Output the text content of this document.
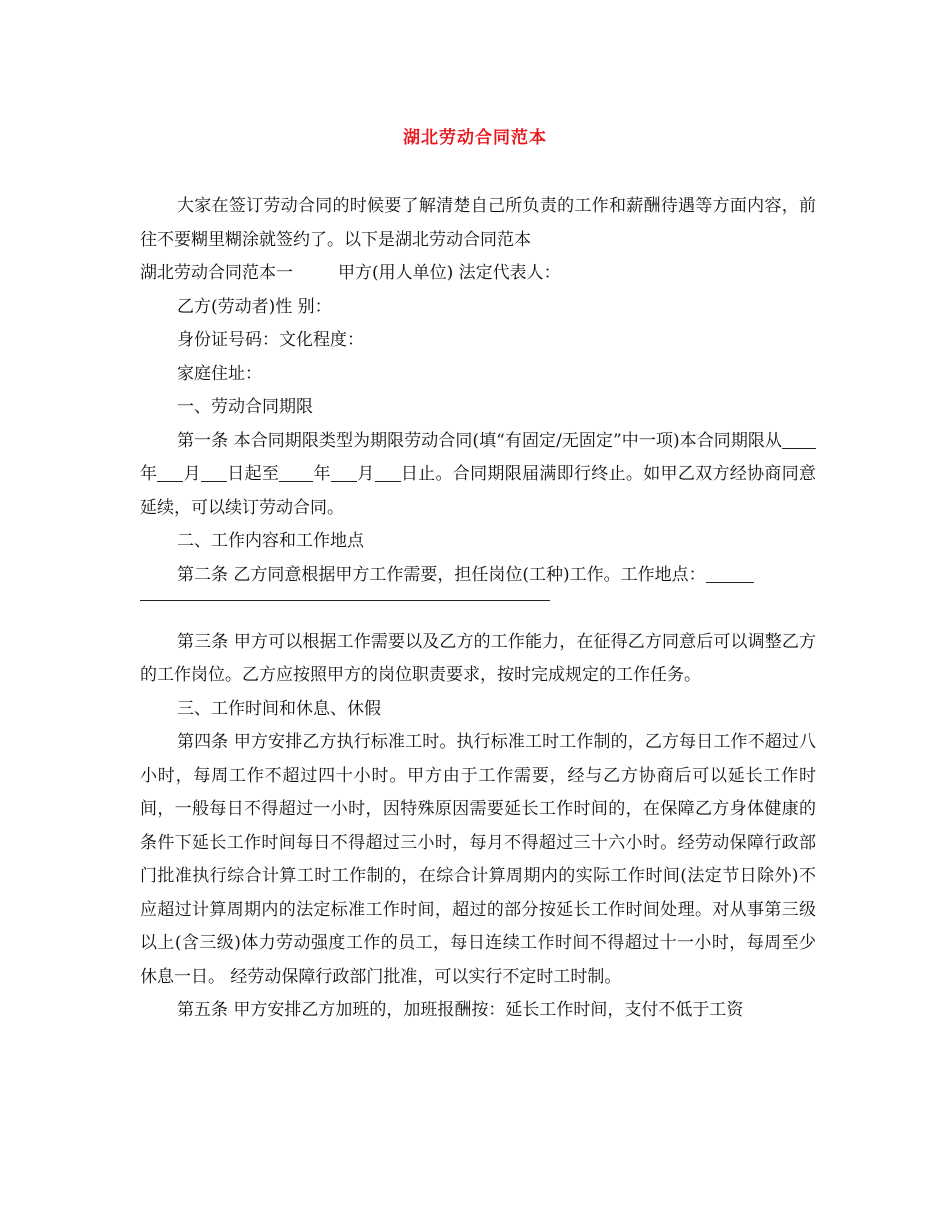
湖北劳动合同范本

大家在签订劳动合同的时候要了解清楚自己所负责的工作和薪酬待遇等方面内容，前往不要糊里糊涂就签约了。以下是湖北劳动合同范本

湖北劳动合同范本一	甲方(用人单位) 法定代表人：

乙方(劳动者)性 别：

身份证号码：文化程度：

家庭住址：

一、劳动合同期限

第一条 本合同期限类型为期限劳动合同(填“有固定/无固定”中一项)本合同期限从年 月 日起至 年 月 日止。合同期限届满即行终止。如甲乙双方经协商同意延续，可以续订劳动合同。

二、工作内容和工作地点

第二条 乙方同意根据甲方工作需要，担任岗位(工种)工作。工作地点：

第三条 甲方可以根据工作需要以及乙方的工作能力，在征得乙方同意后可以调整乙方的工作岗位。乙方应按照甲方的岗位职责要求，按时完成规定的工作任务。

三、工作时间和休息、休假

第四条 甲方安排乙方执行标准工时。执行标准工时工作制的，乙方每日工作不超过八小时，每周工作不超过四十小时。甲方由于工作需要，经与乙方协商后可以延长工作时间，一般每日不得超过一小时，因特殊原因需要延长工作时间的，在保障乙方身体健康的条件下延长工作时间每日不得超过三小时，每月不得超过三十六小时。经劳动保障行政部门批准执行综合计算工时工作制的，在综合计算周期内的实际工作时间(法定节日除外)不应超过计算周期内的法定标准工作时间，超过的部分按延长工作时间处理。对从事第三级以上(含三级)体力劳动强度工作的员工，每日连续工作时间不得超过十一小时，每周至少休息一日。 经劳动保障行政部门批准，可以实行不定时工时制。

第五条 甲方安排乙方加班的，加班报酬按：延长工作时间，支付不低于工资
